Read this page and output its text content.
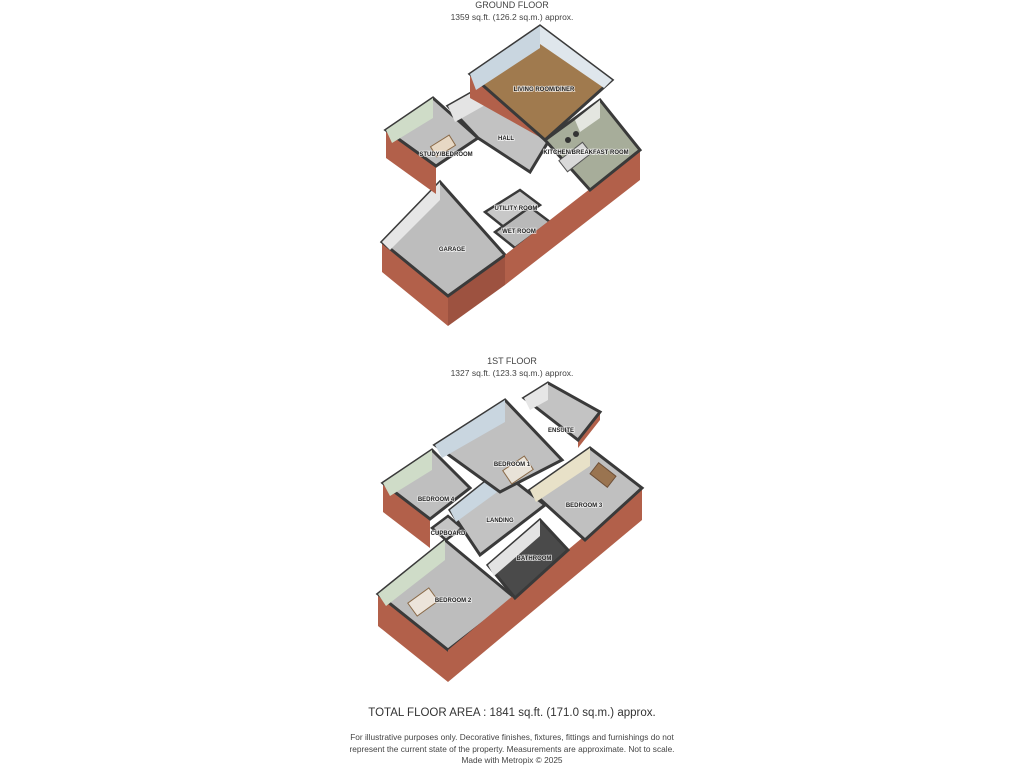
GROUND FLOOR
1359 sq.ft. (126.2 sq.m.) approx.
1ST FLOOR
1327 sq.ft. (123.3 sq.m.) approx.
LIVING ROOM/DINER
HALL
STUDY/BEDROOM	KITCHEN/BREAKFAST ROOM
UTILITY ROOM
WET ROOM
GARAGE
ENSUITE
BEDROOM 1
BEDROOM 4
LANDING
BEDROOM 3
CUPBOARD
BATHROOM
BEDROOM 2
TOTAL FLOOR AREA : 1841 sq.ft. (171.0 sq.m.) approx.
For illustrative purposes only. Decorative finishes, fixtures, fittings and furnishings do not
represent the current state of the property. Measurements are approximate. Not to scale.
Made with Metropix © 2025
